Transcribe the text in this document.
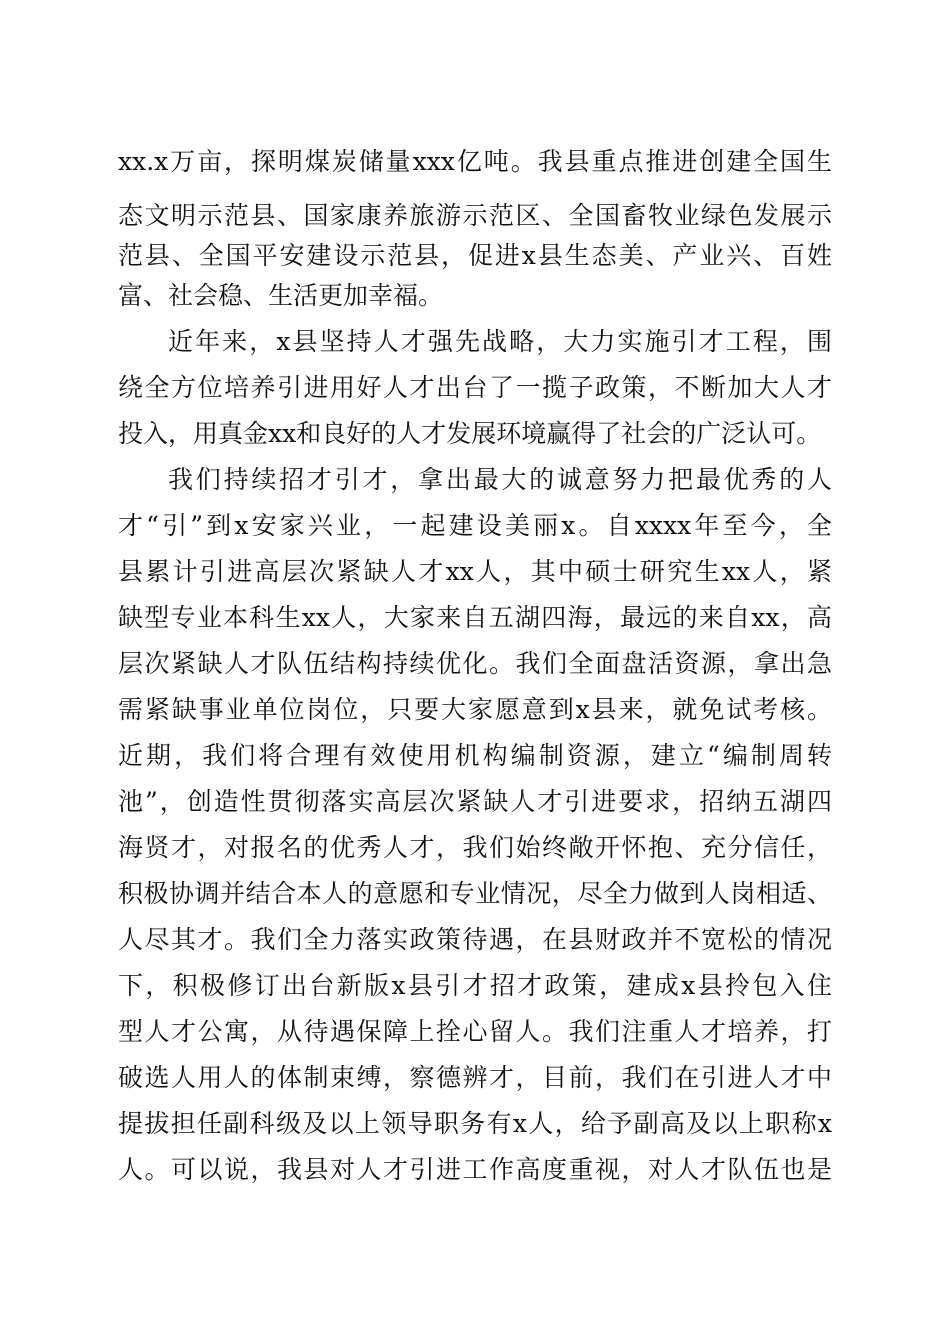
xx.x万亩，探明煤炭储量xxx亿吨。我县重点推进创建全国生
态文明示范县、国家康养旅游示范区、全国畜牧业绿色发展示
范县、全国平安建设示范县，促进x县生态美、产业兴、百姓
富、社会稳、生活更加幸福。
近年来，x县坚持人才强先战略，大力实施引才工程，围
绕全方位培养引进用好人才出台了一揽子政策，不断加大人才
投入，用真金xx和良好的人才发展环境赢得了社会的广泛认可。
我们持续招才引才，拿出最大的诚意努力把最优秀的人
才“引”到x安家兴业，一起建设美丽x。自xxxx年至今，全
县累计引进高层次紧缺人才xx人，其中硕士研究生xx人，紧
缺型专业本科生xx人，大家来自五湖四海，最远的来自xx，高
层次紧缺人才队伍结构持续优化。我们全面盘活资源，拿出急
需紧缺事业单位岗位，只要大家愿意到x县来，就免试考核。
近期，我们将合理有效使用机构编制资源，建立“编制周转
池”，创造性贯彻落实高层次紧缺人才引进要求，招纳五湖四
海贤才，对报名的优秀人才，我们始终敞开怀抱、充分信任，
积极协调并结合本人的意愿和专业情况，尽全力做到人岗相适、
人尽其才。我们全力落实政策待遇，在县财政并不宽松的情况
下，积极修订出台新版x县引才招才政策，建成x县拎包入住
型人才公寓，从待遇保障上拴心留人。我们注重人才培养，打
破选人用人的体制束缚，察德辨才，目前，我们在引进人才中
提拔担任副科级及以上领导职务有x人，给予副高及以上职称x
人。可以说，我县对人才引进工作高度重视，对人才队伍也是
